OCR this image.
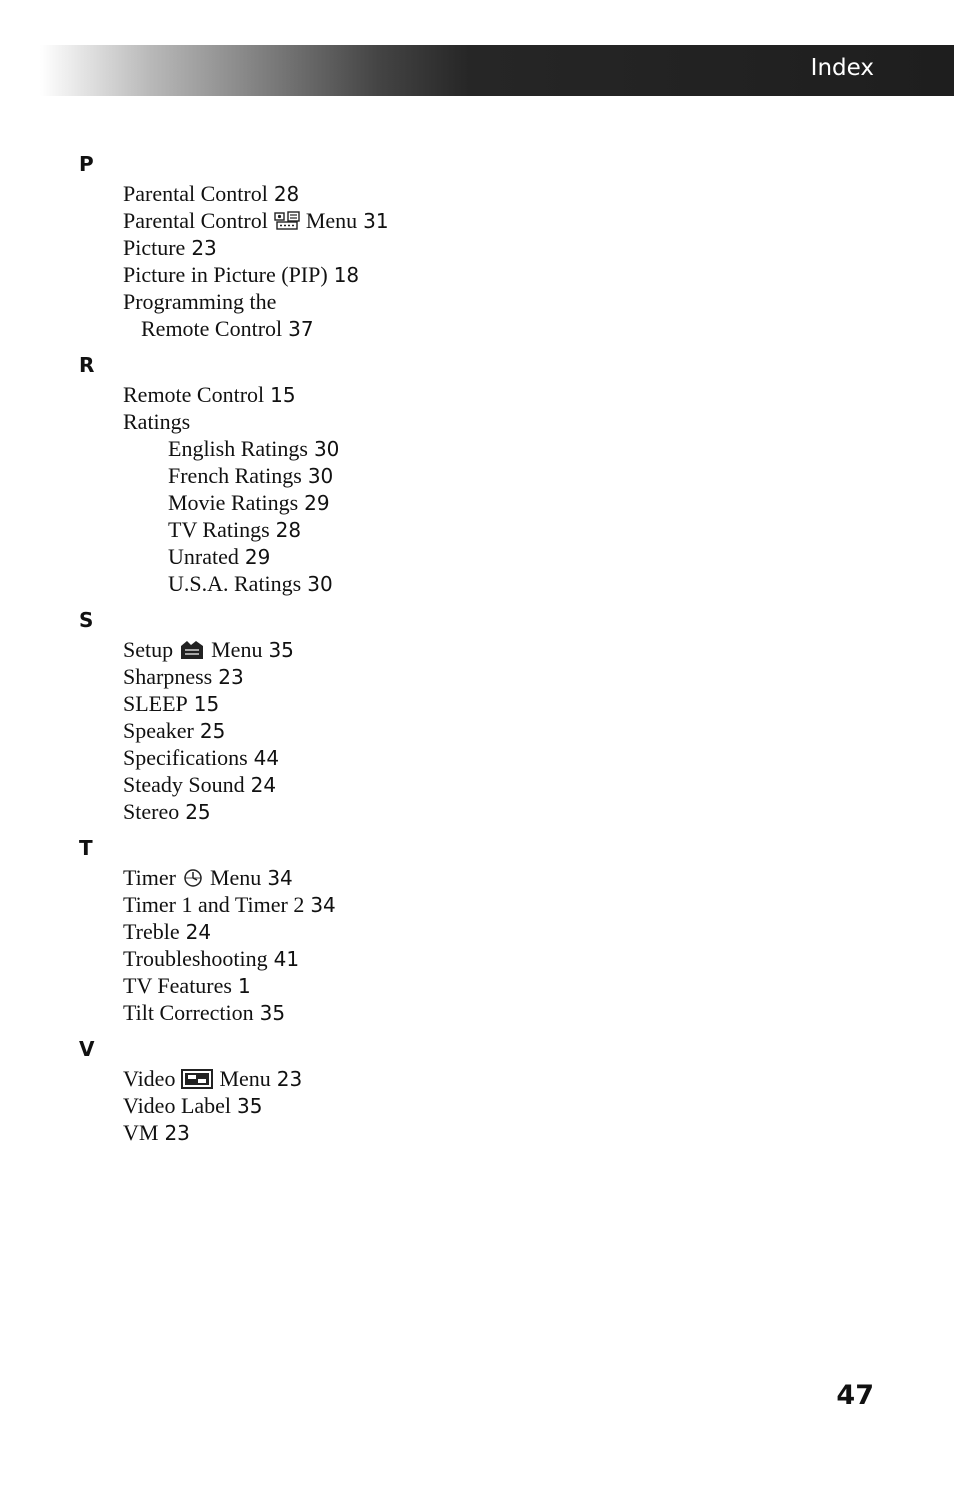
Index
P
Parental Control 28
Parental Control Menu 31
Picture 23
Picture in Picture (PIP) 18
Programming the
Remote Control 37
R
Remote Control 15
Ratings
English Ratings 30
French Ratings 30
Movie Ratings 29
TV Ratings 28
Unrated 29
U.S.A. Ratings 30
S
Setup Menu 35
Sharpness 23
SLEEP 15
Speaker 25
Specifications 44
Steady Sound 24
Stereo 25
T
Timer Menu 34
Timer 1 and Timer 2 34
Treble 24
Troubleshooting 41
TV Features 1
Tilt Correction 35
V
Video Menu 23
Video Label 35
VM 23
47
